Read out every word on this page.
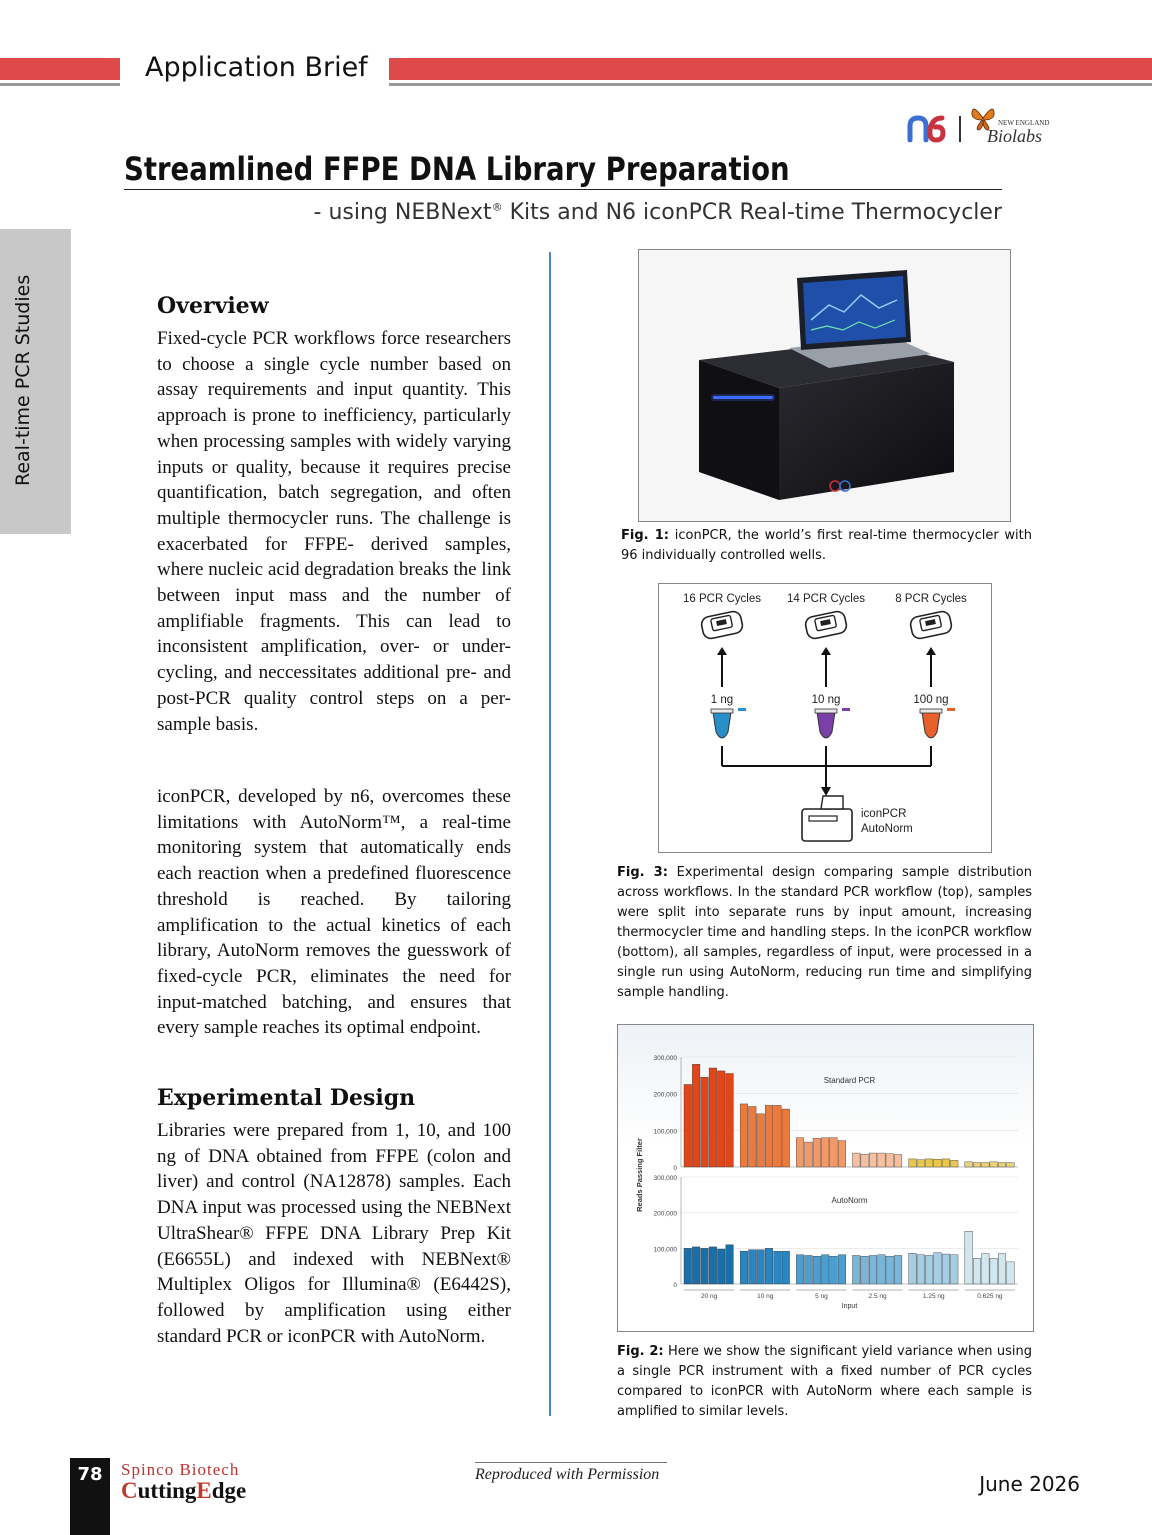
Application Brief
NEW ENGLAND
Biolabs
Real-time PCR Studies
Streamlined FFPE DNA Library Preparation
- using NEBNext® Kits and N6 iconPCR Real-time Thermocycler
Overview
Fixed-cycle PCR workflows force researchers to choose a single cycle number based on assay requirements and input quantity. This approach is prone to inefficiency, particularly when processing samples with widely varying inputs or quality, because it requires precise quantification, batch segregation, and often multiple thermocycler runs. The challenge is exacerbated for FFPE- derived samples, where nucleic acid degradation breaks the link between input mass and the number of amplifiable fragments. This can lead to inconsistent amplification, over- or under-cycling, and neccessitates additional pre- and post-PCR quality control steps on a per-sample basis.
iconPCR, developed by n6, overcomes these limitations with AutoNorm™, a real-time monitoring system that automatically ends each reaction when a predefined fluorescence threshold is reached. By tailoring amplification to the actual kinetics of each library, AutoNorm removes the guesswork of fixed-cycle PCR, eliminates the need for input-matched batching, and ensures that every sample reaches its optimal endpoint.
Experimental Design
Libraries were prepared from 1, 10, and 100 ng of DNA obtained from FFPE (colon and liver) and control (NA12878) samples. Each DNA input was processed using the NEBNext UltraShear® FFPE DNA Library Prep Kit (E6655L) and indexed with NEBNext® Multiplex Oligos for Illumina® (E6442S), followed by amplification using either standard PCR or iconPCR with AutoNorm.
Fig. 1: iconPCR, the world’s first real-time thermocycler with 96 individually controlled wells.
16 PCR Cycles
1 ng
14 PCR Cycles
10 ng
8 PCR Cycles
100 ng
iconPCR
AutoNorm
Fig. 3: Experimental design comparing sample distribution across workflows. In the standard PCR workflow (top), samples were split into separate runs by input amount, increasing thermocycler time and handling steps. In the iconPCR workflow (bottom), all samples, regardless of input, were processed in a single run using AutoNorm, reducing run time and simplifying sample handling.
0
100,000
200,000
300,000
Standard PCR
0
100,000
200,000
300,000
AutoNorm
20 ng	10 ng	5 ng	2.5 ng	1.25 ng	0.625 ng
Input
Reads Passing Filter
Fig. 2: Here we show the significant yield variance when using a single PCR instrument with a fixed number of PCR cycles compared to iconPCR with AutoNorm where each sample is amplified to similar levels.
78	Spinco Biotech
CuttingEdge
Reproduced with Permission	June 2026
